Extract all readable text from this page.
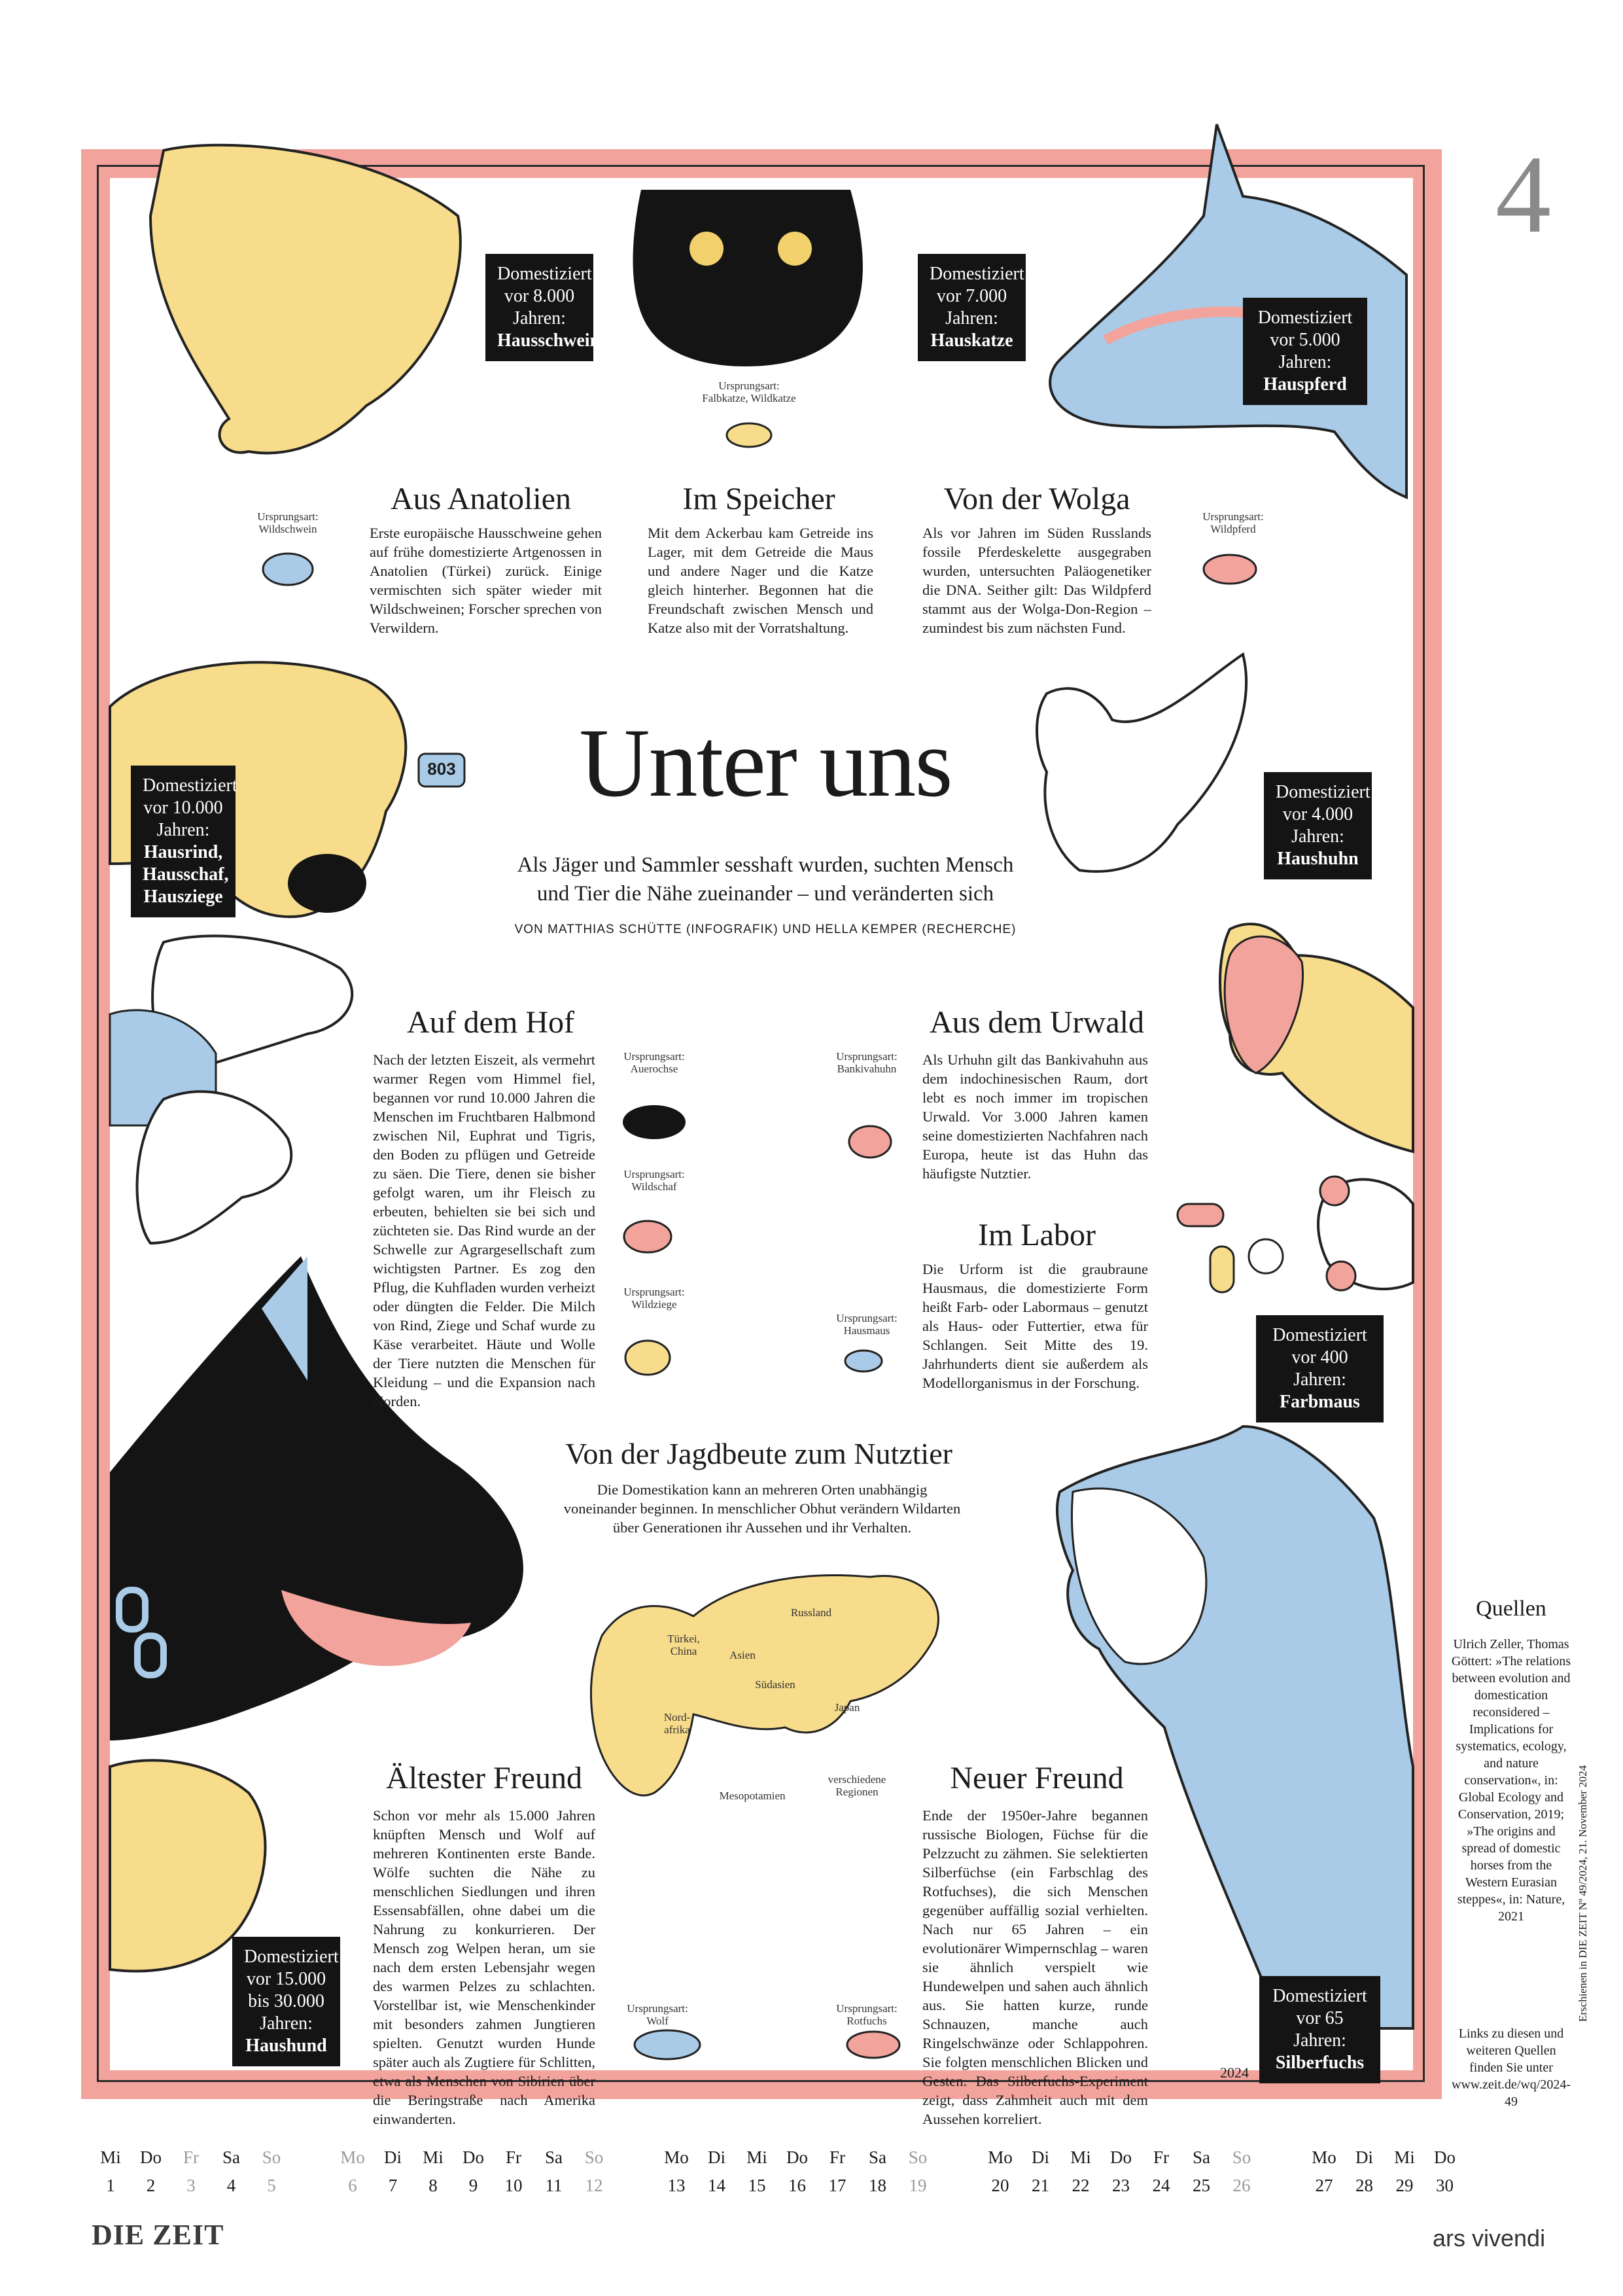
4
Unter uns
Als Jäger und Sammler sesshaft wurden, suchten Mensch
und Tier die Nähe zueinander – und veränderten sich
VON MATTHIAS SCHÜTTE (INFOGRAFIK) UND HELLA KEMPER (RECHERCHE)
803
Domestiziert
vor 8.000
Jahren:
Hausschwein
Domestiziert
vor 7.000
Jahren:
Hauskatze
Domestiziert
vor 5.000 Jahren:
Hauspferd
Domestiziert
vor 10.000
Jahren:
Hausrind,
Hausschaf,
Hausziege
Domestiziert
vor 4.000
Jahren:
Haushuhn
Domestiziert
vor 400 Jahren:
Farbmaus
Domestiziert
vor 15.000
bis 30.000
Jahren:
Haushund
Domestiziert
vor 65 Jahren:
Silberfuchs
Ursprungsart:
Falbkatze, Wildkatze
Ursprungsart:
Wildschwein
Ursprungsart:
Wildpferd
Ursprungsart:
Auerochse
Ursprungsart:
Wildschaf
Ursprungsart:
Wildziege
Ursprungsart:
Bankivahuhn
Ursprungsart:
Hausmaus
Ursprungsart:
Wolf
Ursprungsart:
Rotfuchs
Aus Anatolien
Erste europäische Hausschweine gehen auf frühe domestizierte Artgenossen in Anatolien (Türkei) zurück. Einige vermischten sich später wieder mit Wildschweinen; Forscher sprechen von Verwildern.
Im Speicher
Mit dem Ackerbau kam Getreide ins Lager, mit dem Getreide die Maus und andere Nager und die Katze gleich hinterher. Begonnen hat die Freundschaft zwischen Mensch und Katze also mit der Vorratshaltung.
Von der Wolga
Als vor Jahren im Süden Russlands fossile Pferdeskelette ausgegraben wurden, untersuchten Paläogenetiker die DNA. Seither gilt: Das Wildpferd stammt aus der Wolga-Don-Region – zumindest bis zum nächsten Fund.
Auf dem Hof
Nach der letzten Eiszeit, als vermehrt warmer Regen vom Himmel fiel, begannen vor rund 10.000 Jahren die Menschen im Fruchtbaren Halbmond zwischen Nil, Euphrat und Tigris, den Boden zu pflügen und Getreide zu säen. Die Tiere, denen sie bisher gefolgt waren, um ihr Fleisch zu erbeuten, behielten sie bei sich und züchteten sie. Das Rind wurde an der Schwelle zur Agrargesellschaft zum wichtigsten Partner. Es zog den Pflug, die Kuhfladen wurden verheizt oder düngten die Felder. Die Milch von Rind, Ziege und Schaf wurde zu Käse verarbeitet. Häute und Wolle der Tiere nutzten die Menschen für Kleidung – und die Expansion nach Norden.
Aus dem Urwald
Als Urhuhn gilt das Bankivahuhn aus dem indochinesischen Raum, dort lebt es noch immer im tropischen Urwald. Vor 3.000 Jahren kamen seine domestizierten Nachfahren nach Europa, heute ist das Huhn das häufigste Nutztier.
Im Labor
Die Urform ist die graubraune Hausmaus, die domestizierte Form heißt Farb- oder Labormaus – genutzt als Haus- oder Futtertier, etwa für Schlangen. Seit Mitte des 19. Jahrhunderts dient sie außerdem als Modellorganismus in der Forschung.
Von der Jagdbeute zum Nutztier
Die Domestikation kann an mehreren Orten unabhängig voneinander beginnen. In menschlicher Obhut verändern Wildarten über Generationen ihr Aussehen und ihr Verhalten.
Ältester Freund
Schon vor mehr als 15.000 Jahren knüpften Mensch und Wolf auf mehreren Kontinenten erste Bande. Wölfe suchten die Nähe zu menschlichen Siedlungen und ihren Essensabfällen, ohne dabei um die Nahrung zu konkurrieren. Der Mensch zog Welpen heran, um sie nach dem ersten Lebensjahr wegen des warmen Pelzes zu schlachten. Vorstellbar ist, wie Menschenkinder mit besonders zahmen Jungtieren spielten. Genutzt wurden Hunde später auch als Zugtiere für Schlitten, etwa als Menschen von Sibirien über die Beringstraße nach Amerika einwanderten.
Neuer Freund
Ende der 1950er-Jahre begannen russische Biologen, Füchse für die Pelzzucht zu zähmen. Sie selektierten Silberfüchse (ein Farbschlag des Rotfuchses), die sich Menschen gegenüber auffällig sozial verhielten. Nach nur 65 Jahren – ein evolutionärer Wimpernschlag – waren sie ähnlich verspielt wie Hundewelpen und sahen auch ähnlich aus. Sie hatten kurze, runde Schnauzen, manche auch Ringelschwänze oder Schlappohren. Sie folgten menschlichen Blicken und Gesten. Das Silberfuchs-Experiment zeigt, dass Zahmheit auch mit dem Aussehen korreliert.
Türkei, China
Russland
Asien
Südasien
Japan
Nord-afrika
Mesopotamien
verschiedene Regionen
2024
Quellen
Ulrich Zeller, Thomas Göttert: »The relations between evolution and domestication reconsidered – Implications for systematics, ecology, and nature conservation«, in: Global Ecology and Conservation, 2019; »The origins and spread of domestic horses from the Western Eurasian steppes«, in: Nature, 2021
Links zu diesen und weiteren Quellen finden Sie unter www.zeit.de/wq/2024-49
Erschienen in DIE ZEIT Nº 49/2024, 21. November 2024
Mi
1
Do
2
Fr
3
Sa
4
So
5
Mo
6
Di
7
Mi
8
Do
9
Fr
10
Sa
11
So
12
Mo
13
Di
14
Mi
15
Do
16
Fr
17
Sa
18
So
19
Mo
20
Di
21
Mi
22
Do
23
Fr
24
Sa
25
So
26
Mo
27
Di
28
Mi
29
Do
30
DIE ZEIT	ars vivendi
